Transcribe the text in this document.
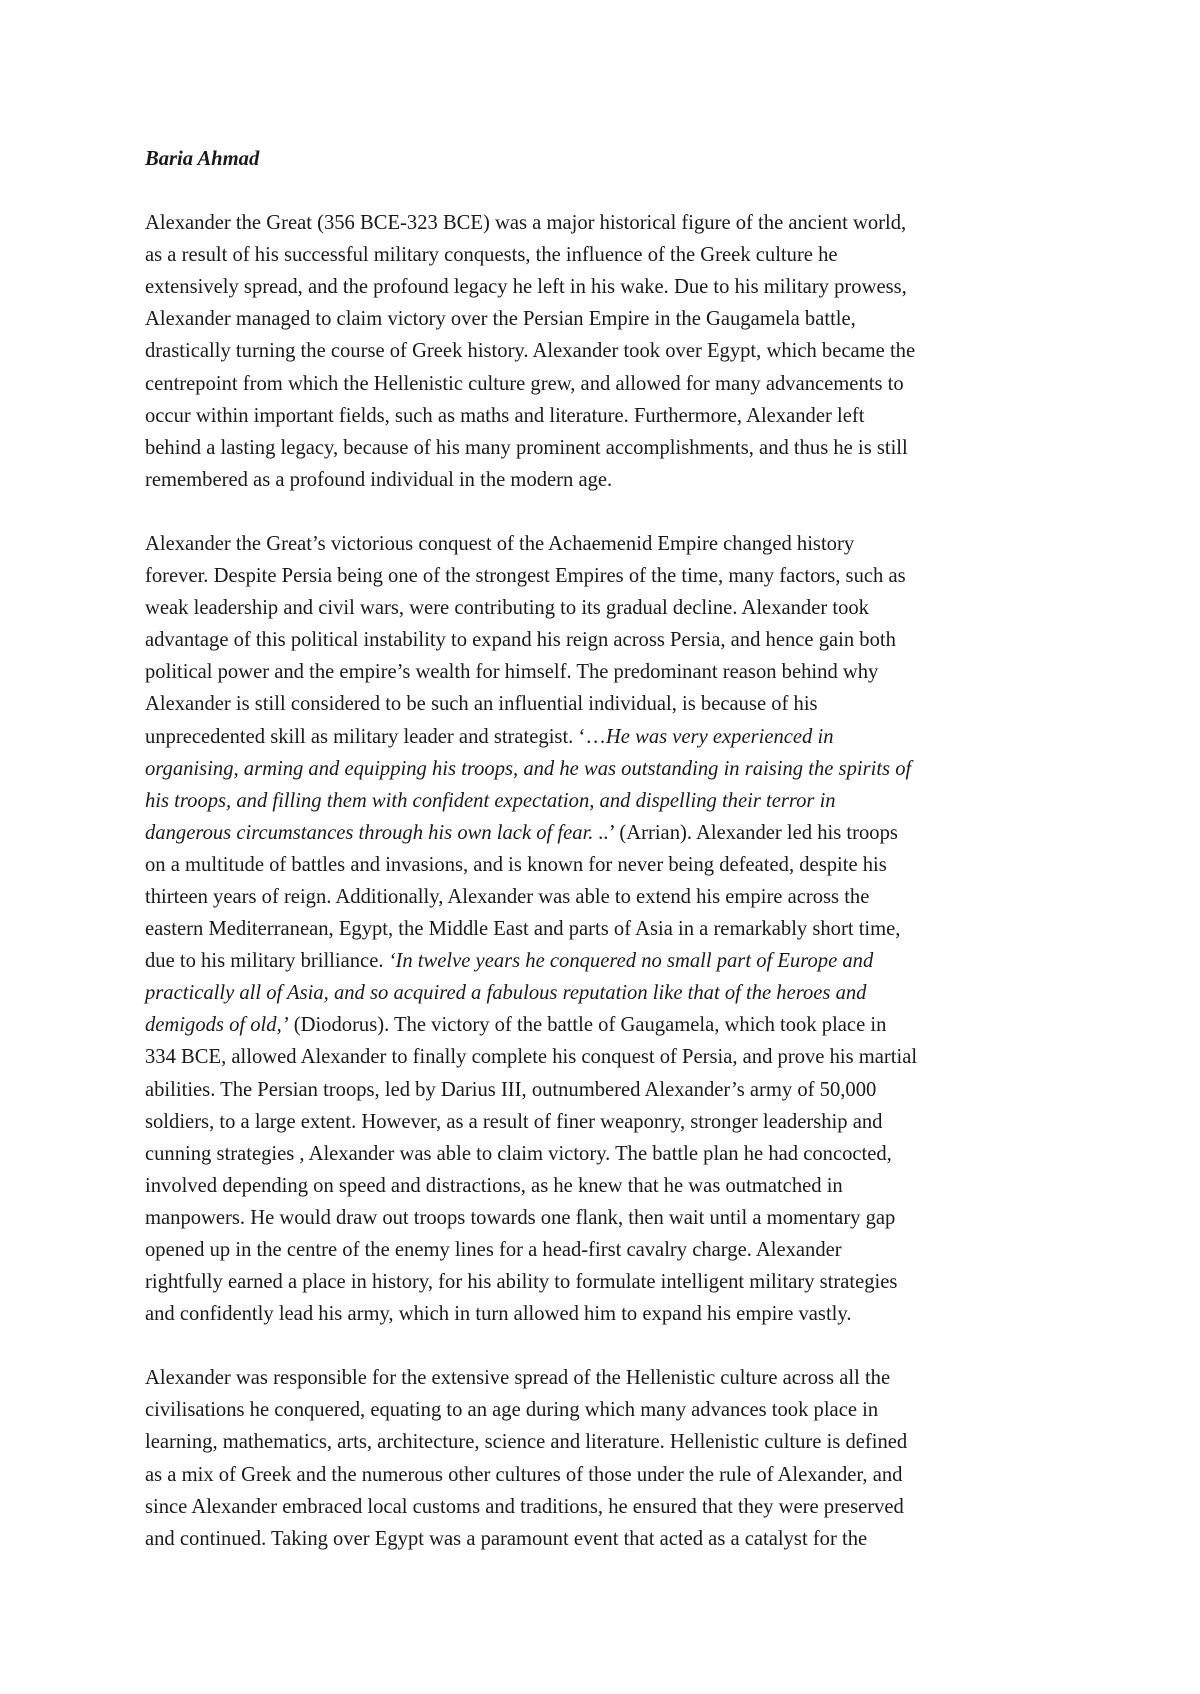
Baria Ahmad

Alexander the Great (356 BCE-323 BCE) was a major historical figure of the ancient world,
as a result of his successful military conquests, the influence of the Greek culture he
extensively spread, and the profound legacy he left in his wake. Due to his military prowess,
Alexander managed to claim victory over the Persian Empire in the Gaugamela battle,
drastically turning the course of Greek history. Alexander took over Egypt, which became the
centrepoint from which the Hellenistic culture grew, and allowed for many advancements to
occur within important fields, such as maths and literature. Furthermore, Alexander left
behind a lasting legacy, because of his many prominent accomplishments, and thus he is still
remembered as a profound individual in the modern age.

Alexander the Great’s victorious conquest of the Achaemenid Empire changed history
forever. Despite Persia being one of the strongest Empires of the time, many factors, such as
weak leadership and civil wars, were contributing to its gradual decline. Alexander took
advantage of this political instability to expand his reign across Persia, and hence gain both
political power and the empire’s wealth for himself. The predominant reason behind why
Alexander is still considered to be such an influential individual, is because of his
unprecedented skill as military leader and strategist. ‘…He was very experienced in
organising, arming and equipping his troops, and he was outstanding in raising the spirits of
his troops, and filling them with confident expectation, and dispelling their terror in
dangerous circumstances through his own lack of fear. ..’ (Arrian). Alexander led his troops
on a multitude of battles and invasions, and is known for never being defeated, despite his
thirteen years of reign. Additionally, Alexander was able to extend his empire across the
eastern Mediterranean, Egypt, the Middle East and parts of Asia in a remarkably short time,
due to his military brilliance. ‘In twelve years he conquered no small part of Europe and
practically all of Asia, and so acquired a fabulous reputation like that of the heroes and
demigods of old,’ (Diodorus). The victory of the battle of Gaugamela, which took place in
334 BCE, allowed Alexander to finally complete his conquest of Persia, and prove his martial
abilities. The Persian troops, led by Darius III, outnumbered Alexander’s army of 50,000
soldiers, to a large extent. However, as a result of finer weaponry, stronger leadership and
cunning strategies , Alexander was able to claim victory. The battle plan he had concocted,
involved depending on speed and distractions, as he knew that he was outmatched in
manpowers. He would draw out troops towards one flank, then wait until a momentary gap
opened up in the centre of the enemy lines for a head-first cavalry charge. Alexander
rightfully earned a place in history, for his ability to formulate intelligent military strategies
and confidently lead his army, which in turn allowed him to expand his empire vastly.

Alexander was responsible for the extensive spread of the Hellenistic culture across all the
civilisations he conquered, equating to an age during which many advances took place in
learning, mathematics, arts, architecture, science and literature. Hellenistic culture is defined
as a mix of Greek and the numerous other cultures of those under the rule of Alexander, and
since Alexander embraced local customs and traditions, he ensured that they were preserved
and continued. Taking over Egypt was a paramount event that acted as a catalyst for the
